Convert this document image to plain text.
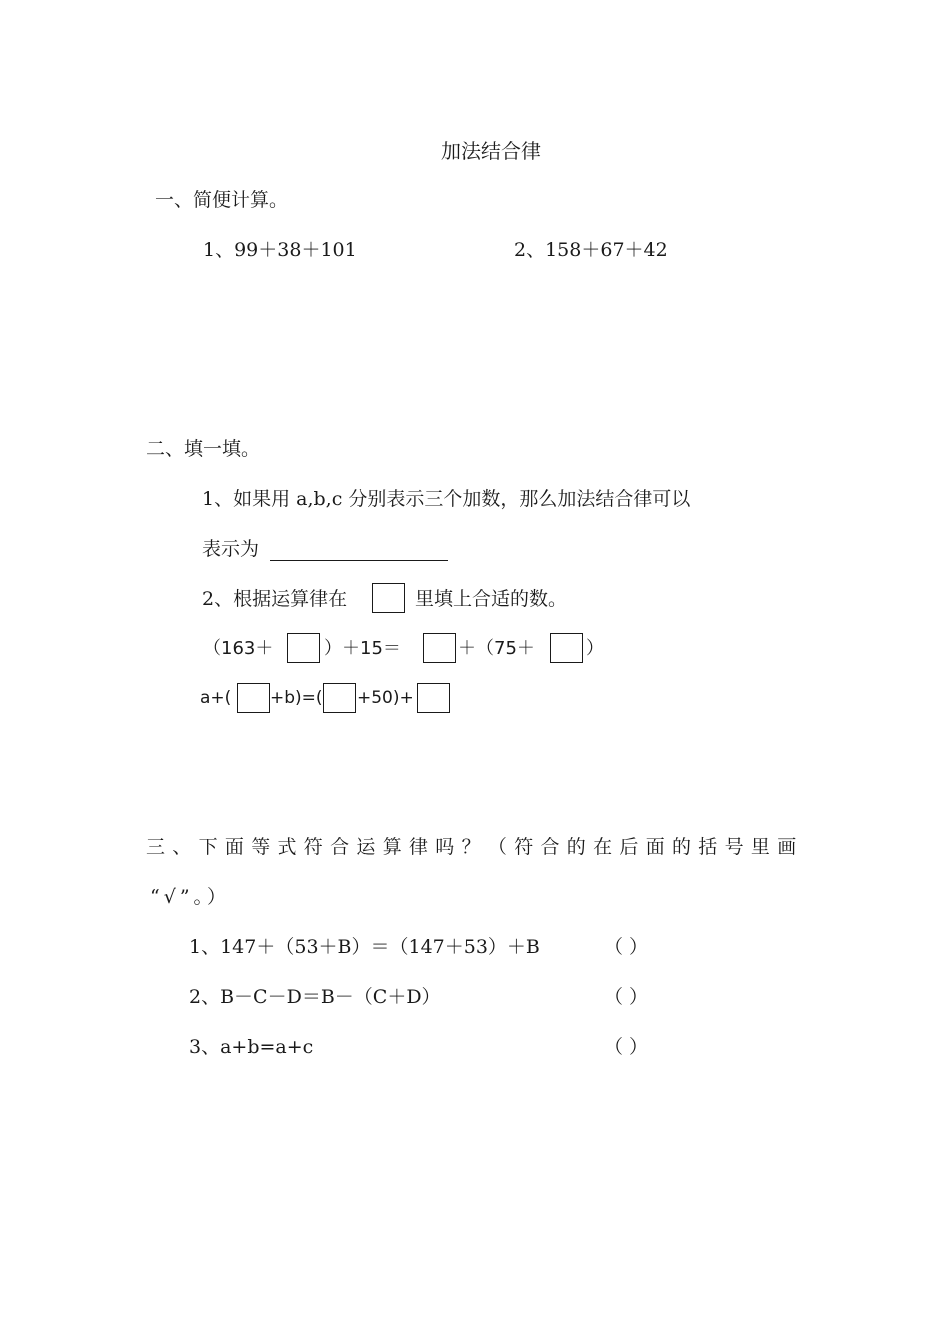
加法结合律
一、简便计算。
1、99＋38＋101	2、158＋67＋42
二、填一填。
1、如果用 a,b,c 分别表示三个加数，那么加法结合律可以
表示为
2、根据运算律在	里填上合适的数。
（163＋	）＋15＝	＋（75＋	）
a+( +b)=( +50)+
三、下面等式符合运算律吗？（符合的在后面的括号里画
“√”。）
1、147＋（53＋B）＝（147＋53）＋B	（ ）
2、B－C－D＝B－（C＋D）	（ ）
3、a+b=a+c	（ ）
